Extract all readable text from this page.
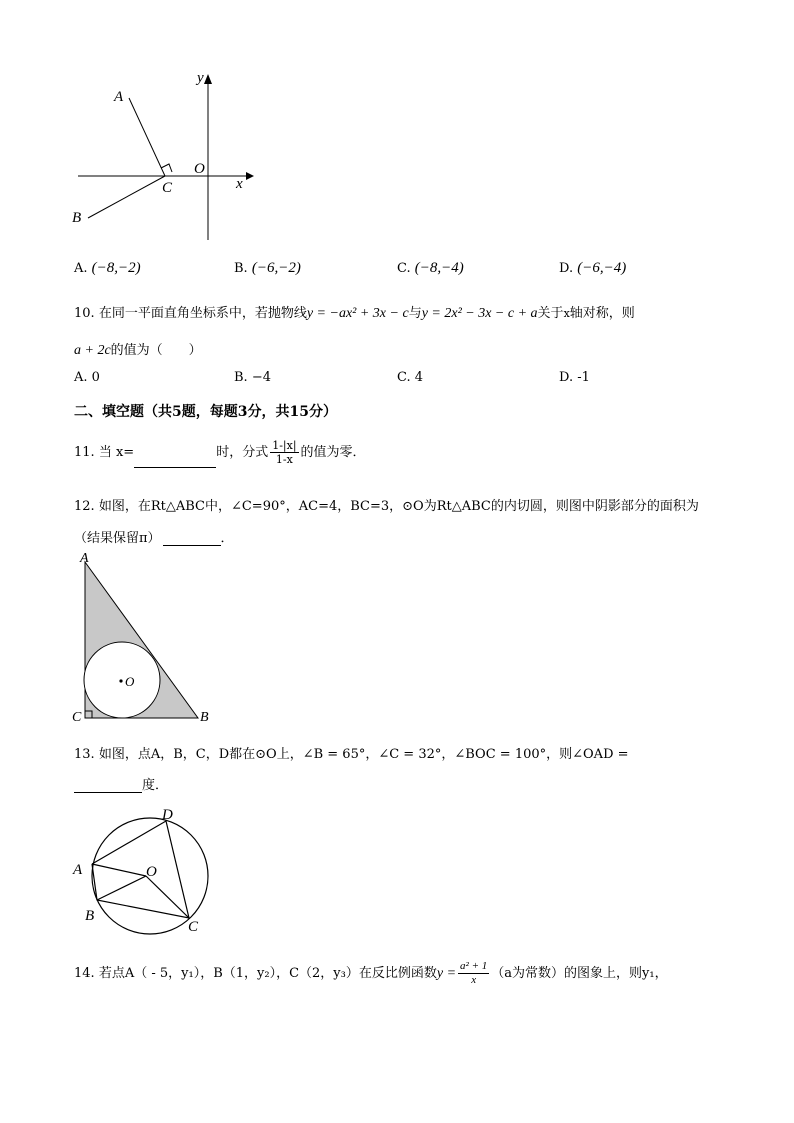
A
B
C
O
x
y
A. (−8,−2)	B. (−6,−2)	C. (−8,−4)	D. (−6,−4)
10. 在同一平面直角坐标系中，若抛物线y = −ax² + 3x − c与y = 2x² − 3x − c + a关于x轴对称，则
a + 2c的值为（　　）
A. 0	B. −4	C. 4	D. -1
二、填空题（共5题，每题3分，共15分）
11. 当 x=	时，分式 $\frac{1-|x|}{1-x}$ 的值为零．
12. 如图，在Rt△ABC中，∠C=90°，AC=4，BC=3，⊙O为Rt△ABC的内切圆，则图中阴影部分的面积为
（结果保留π）	．
A
B
C
O
13. 如图，点A，B，C，D都在⊙O上，∠B = 65°，∠C = 32°，∠BOC = 100°，则∠OAD =
度．
A
B
C
D
O
14. 若点A（ - 5，y₁），B（1，y₂），C（2，y₃）在反比例函数$y = \frac{\text{a² + 1}}{x} (a$为常数）的图象上，则y₁，
